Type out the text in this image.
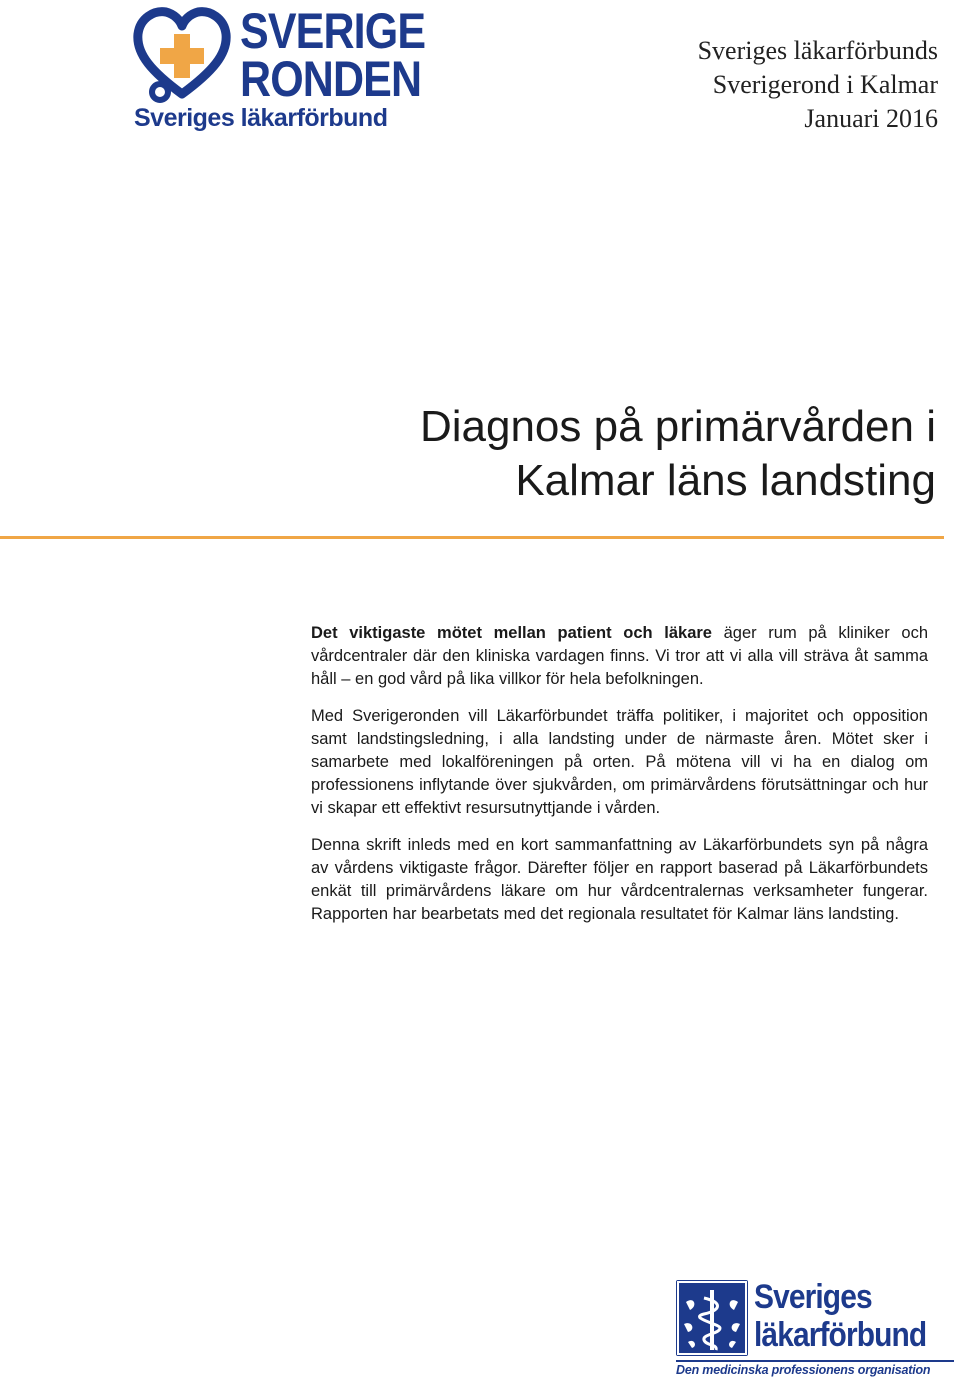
SVERIGE
RONDEN
Sveriges läkarförbund
Sveriges läkarförbunds
Sverigerond i Kalmar
Januari 2016
Diagnos på primärvården i
Kalmar läns landsting

Det viktigaste mötet mellan patient och läkare äger rum på kliniker och vårdcentraler där den kliniska vardagen finns. Vi tror att vi alla vill sträva åt samma håll – en god vård på lika villkor för hela befolkningen.

Med Sverigeronden vill Läkarförbundet träffa politiker, i majoritet och opposition samt landstingsledning, i alla landsting under de närmaste åren. Mötet sker i samarbete med lokalföreningen på orten. På mötena vill vi ha en dialog om professionens inflytande över sjukvården, om primärvårdens förutsättningar och hur vi skapar ett effektivt resursutnyttjande i vården.

Denna skrift inleds med en kort sammanfattning av Läkarförbundets syn på några av vårdens viktigaste frågor. Därefter följer en rapport baserad på Läkarförbundets enkät till primärvårdens läkare om hur vårdcentralernas verksamheter fungerar. Rapporten har bearbetats med det regionala resultatet för Kalmar läns landsting.

Sveriges
läkarförbund
Den medicinska professionens organisation
